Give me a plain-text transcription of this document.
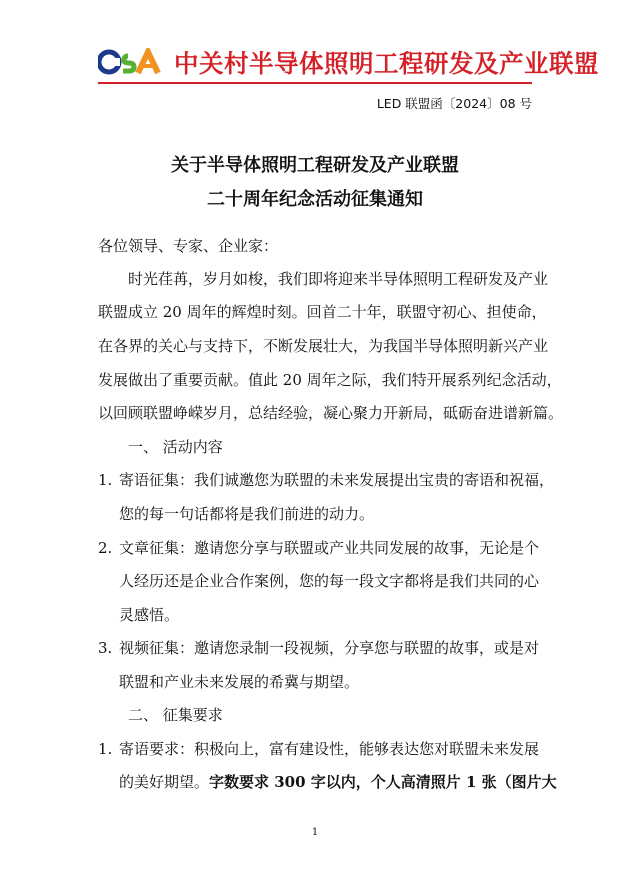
中关村半导体照明工程研发及产业联盟
LED 联盟函〔2024〕08 号
关于半导体照明工程研发及产业联盟
二十周年纪念活动征集通知
各位领导、专家、企业家：
时光荏苒，岁月如梭，我们即将迎来半导体照明工程研发及产业
联盟成立 20 周年的辉煌时刻。回首二十年，联盟守初心、担使命，
在各界的关心与支持下，不断发展壮大，为我国半导体照明新兴产业
发展做出了重要贡献。值此 20 周年之际，我们特开展系列纪念活动，
以回顾联盟峥嵘岁月，总结经验，凝心聚力开新局，砥砺奋进谱新篇。
一、 活动内容
1. 寄语征集：我们诚邀您为联盟的未来发展提出宝贵的寄语和祝福，
您的每一句话都将是我们前进的动力。
2. 文章征集：邀请您分享与联盟或产业共同发展的故事，无论是个
人经历还是企业合作案例，您的每一段文字都将是我们共同的心
灵感悟。
3. 视频征集：邀请您录制一段视频，分享您与联盟的故事，或是对
联盟和产业未来发展的希冀与期望。
二、 征集要求
1. 寄语要求：积极向上，富有建设性，能够表达您对联盟未来发展
的美好期望。字数要求 300 字以内，个人高清照片 1 张（图片大
1
